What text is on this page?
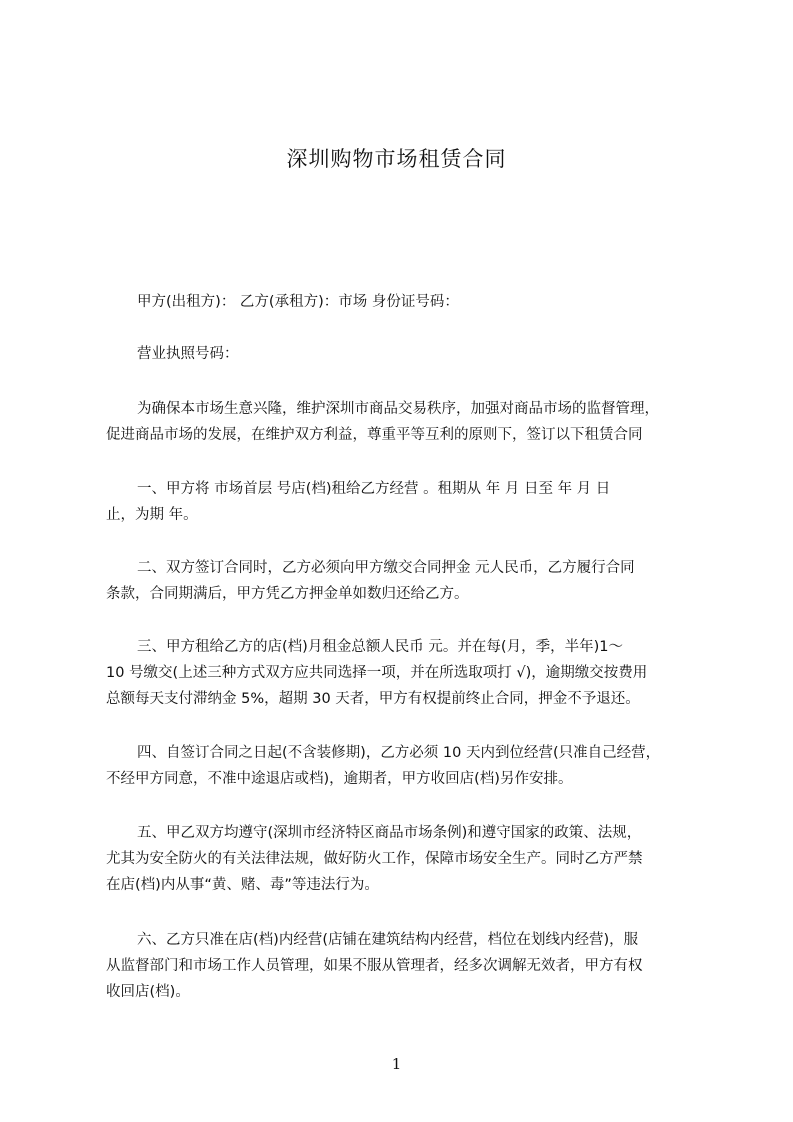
深圳购物市场租赁合同

甲方(出租方)： 乙方(承租方)：市场 身份证号码：

营业执照号码：

为确保本市场生意兴隆，维护深圳市商品交易秩序，加强对商品市场的监督管理，
促进商品市场的发展，在维护双方利益，尊重平等互利的原则下，签订以下租赁合同

一、甲方将 市场首层 号店(档)租给乙方经营 。租期从 年 月 日至 年 月 日
止，为期 年。

二、双方签订合同时，乙方必须向甲方缴交合同押金 元人民币，乙方履行合同
条款，合同期满后，甲方凭乙方押金单如数归还给乙方。

三、甲方租给乙方的店(档)月租金总额人民币 元。并在每(月，季，半年)1～
10 号缴交(上述三种方式双方应共同选择一项，并在所选取项打 √)，逾期缴交按费用
总额每天支付滞纳金 5%，超期 30 天者，甲方有权提前终止合同，押金不予退还。

四、自签订合同之日起(不含装修期)，乙方必须 10 天内到位经营(只准自己经营，
不经甲方同意，不准中途退店或档)，逾期者，甲方收回店(档)另作安排。

五、甲乙双方均遵守(深圳市经济特区商品市场条例)和遵守国家的政策、法规，
尤其为安全防火的有关法律法规，做好防火工作，保障市场安全生产。同时乙方严禁
在店(档)内从事“黄、赌、毒”等违法行为。

六、乙方只准在店(档)内经营(店铺在建筑结构内经营，档位在划线内经营)，服
从监督部门和市场工作人员管理，如果不服从管理者，经多次调解无效者，甲方有权
收回店(档)。

1
